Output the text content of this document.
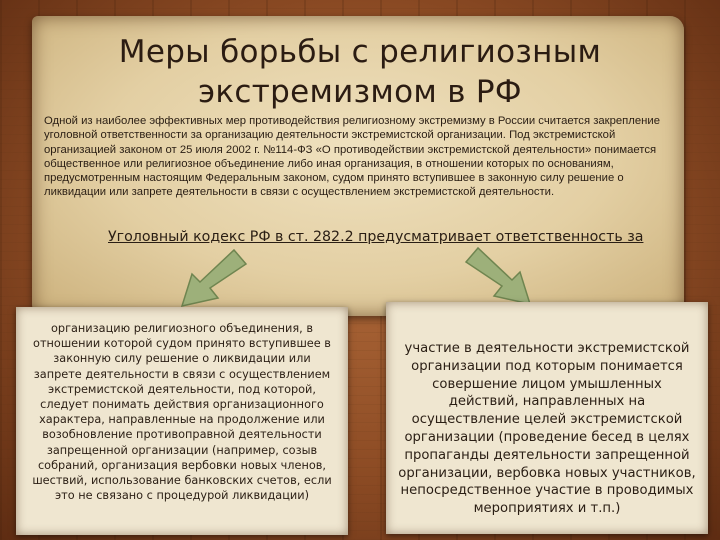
Меры борьбы с религиозным экстремизмом в РФ

Одной из наиболее эффективных мер противодействия религиозному экстремизму в России считается закрепление уголовной ответственности за организацию деятельности экстремистской организации. Под экстремистской организацией законом от 25 июля 2002 г. №114-ФЗ «О противодействии экстремистской деятельности» понимается общественное или религиозное объединение либо иная организация, в отношении которых по основаниям, предусмотренным настоящим Федеральным законом, судом принято вступившее в законную силу решение о ликвидации или запрете деятельности в связи с осуществлением экстремистской деятельности.

Уголовный кодекс РФ в ст. 282.2 предусматривает ответственность за

организацию религиозного объединения, в отношении которой судом принято вступившее в законную силу решение о ликвидации или запрете деятельности в связи с осуществлением экстремистской деятельности, под которой, следует понимать действия организационного характера, направленные на продолжение или возобновление противоправной деятельности запрещенной организации (например, созыв собраний, организация вербовки новых членов, шествий, использование банковских счетов, если это не связано с процедурой ликвидации)

участие в деятельности экстремистской организации под которым понимается совершение лицом умышленных действий, направленных на осуществление целей экстремистской организации (проведение бесед в целях пропаганды деятельности запрещенной организации, вербовка новых участников, непосредственное участие в проводимых мероприятиях и т.п.)
